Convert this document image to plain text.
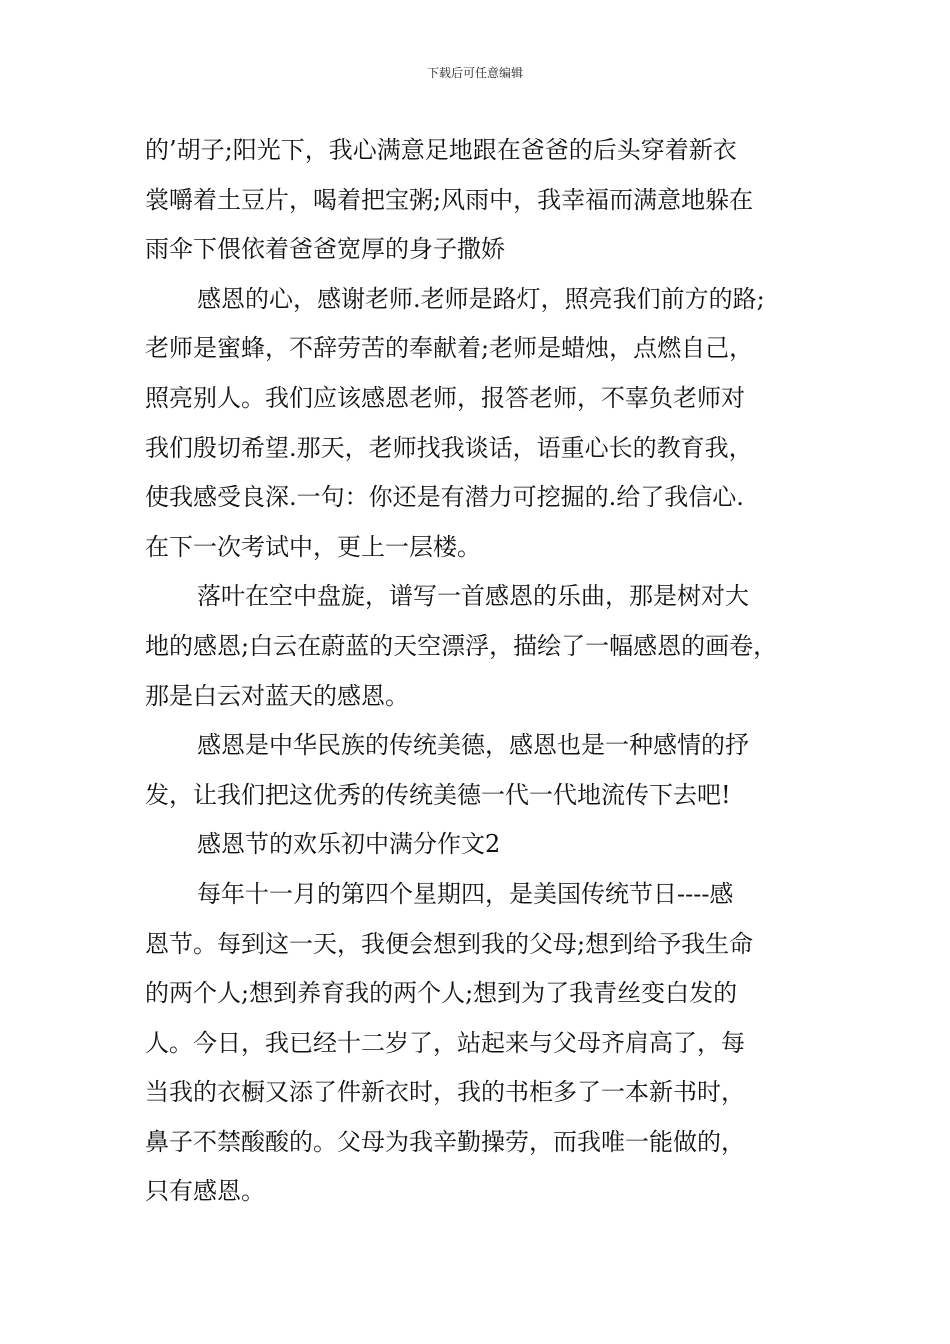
下载后可任意编辑
的’胡子;阳光下，我心满意足地跟在爸爸的后头穿着新衣
裳嚼着土豆片，喝着把宝粥;风雨中，我幸福而满意地躲在
雨伞下偎依着爸爸宽厚的身子撒娇
感恩的心，感谢老师.老师是路灯，照亮我们前方的路;
老师是蜜蜂，不辞劳苦的奉献着;老师是蜡烛，点燃自己，
照亮别人。我们应该感恩老师，报答老师，不辜负老师对
我们殷切希望.那天，老师找我谈话，语重心长的教育我，
使我感受良深.一句：你还是有潜力可挖掘的.给了我信心.
在下一次考试中，更上一层楼。
落叶在空中盘旋，谱写一首感恩的乐曲，那是树对大
地的感恩;白云在蔚蓝的天空漂浮，描绘了一幅感恩的画卷，
那是白云对蓝天的感恩。
感恩是中华民族的传统美德，感恩也是一种感情的抒
发，让我们把这优秀的传统美德一代一代地流传下去吧!
感恩节的欢乐初中满分作文2
每年十一月的第四个星期四，是美国传统节日----感
恩节。每到这一天，我便会想到我的父母;想到给予我生命
的两个人;想到养育我的两个人;想到为了我青丝变白发的
人。今日，我已经十二岁了，站起来与父母齐肩高了，每
当我的衣橱又添了件新衣时，我的书柜多了一本新书时，
鼻子不禁酸酸的。父母为我辛勤操劳，而我唯一能做的，
只有感恩。
